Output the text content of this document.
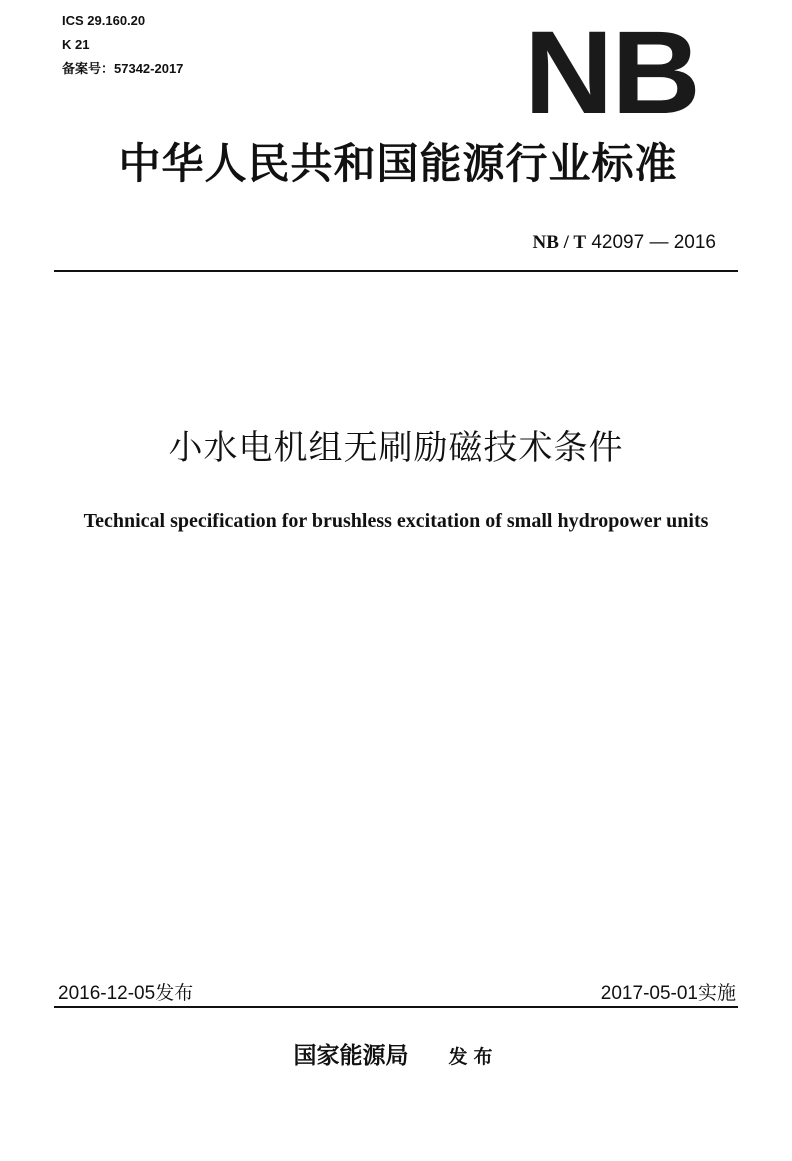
ICS 29.160.20
K 21
备案号：57342-2017	NB
中华人民共和国能源行业标准
NB / T 42097 — 2016
小水电机组无刷励磁技术条件
Technical specification for brushless excitation of small hydropower units
2016-12-05发布	2017-05-01实施
国家能源局 发布
